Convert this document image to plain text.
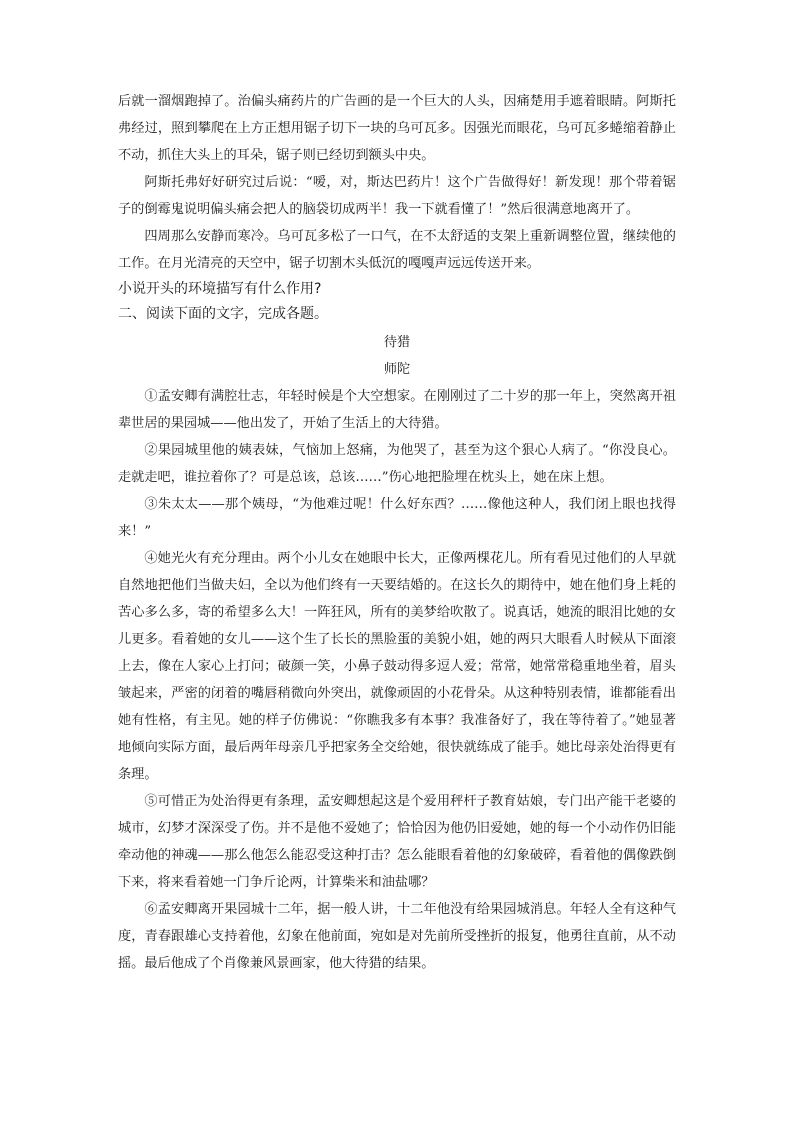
后就一溜烟跑掉了。治偏头痛药片的广告画的是一个巨大的人头，因痛楚用手遮着眼睛。阿斯托弗经过，照到攀爬在上方正想用锯子切下一块的乌可瓦多。因强光而眼花，乌可瓦多蜷缩着静止不动，抓住大头上的耳朵，锯子则已经切到额头中央。

阿斯托弗好好研究过后说：“嗳，对，斯达巴药片！这个广告做得好！新发现！那个带着锯子的倒霉鬼说明偏头痛会把人的脑袋切成两半！我一下就看懂了！”然后很满意地离开了。

四周那么安静而寒冷。乌可瓦多松了一口气，在不太舒适的支架上重新调整位置，继续他的工作。在月光清亮的天空中，锯子切割木头低沉的嘎嘎声远远传送开来。

小说开头的环境描写有什么作用?

二、阅读下面的文字，完成各题。

待猎

师陀

①孟安卿有满腔壮志，年轻时候是个大空想家。在刚刚过了二十岁的那一年上，突然离开祖辈世居的果园城——他出发了，开始了生活上的大待猎。

②果园城里他的姨表妹，气恼加上怒痛，为他哭了，甚至为这个狠心人病了。“你没良心。走就走吧，谁拉着你了？可是总该，总该……”伤心地把脸埋在枕头上，她在床上想。

③朱太太——那个姨母，“为他难过呢！什么好东西？……像他这种人，我们闭上眼也找得来！”

④她光火有充分理由。两个小儿女在她眼中长大，正像两棵花儿。所有看见过他们的人早就自然地把他们当做夫妇，全以为他们终有一天要结婚的。在这长久的期待中，她在他们身上耗的苦心多么多，寄的希望多么大！一阵狂风，所有的美梦给吹散了。说真话，她流的眼泪比她的女儿更多。看着她的女儿——这个生了长长的黑脸蛋的美貌小姐，她的两只大眼看人时候从下面滚上去，像在人家心上打问；破颜一笑，小鼻子鼓动得多逗人爱；常常，她常常稳重地坐着，眉头皱起来，严密的闭着的嘴唇稍微向外突出，就像顽固的小花骨朵。从这种特别表情，谁都能看出她有性格，有主见。她的样子仿佛说：“你瞧我多有本事？我准备好了，我在等待着了。”她显著地倾向实际方面，最后两年母亲几乎把家务全交给她，很快就练成了能手。她比母亲处治得更有条理。

⑤可惜正为处治得更有条理，孟安卿想起这是个爱用秤杆子教育姑娘，专门出产能干老婆的城市，幻梦才深深受了伤。并不是他不爱她了；恰恰因为他仍旧爱她，她的每一个小动作仍旧能牵动他的神魂——那么他怎么能忍受这种打击？怎么能眼看着他的幻象破碎，看着他的偶像跌倒下来，将来看着她一门争斤论两，计算柴米和油盐哪？

⑥孟安卿离开果园城十二年，据一般人讲，十二年他没有给果园城消息。年轻人全有这种气度，青春跟雄心支持着他，幻象在他前面，宛如是对先前所受挫折的报复，他勇往直前，从不动摇。最后他成了个肖像兼风景画家，他大待猎的结果。
